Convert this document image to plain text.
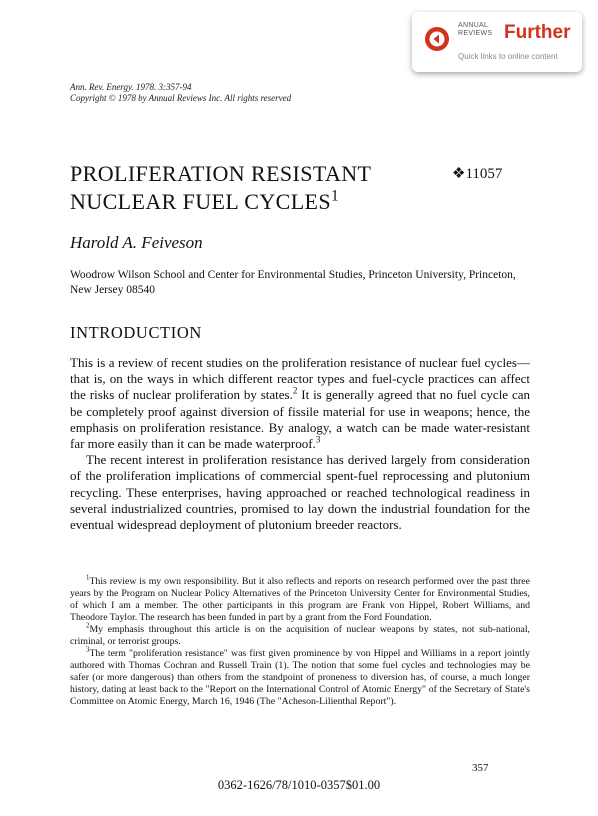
ANNUAL
REVIEWS Further
Quick links to online content
Ann. Rev. Energy. 1978. 3:357-94
Copyright © 1978 by Annual Reviews Inc. All rights reserved
PROLIFERATION RESISTANT
NUCLEAR FUEL CYCLES$^1$
❖11057
Harold A. Feiveson
Woodrow Wilson School and Center for Environmental Studies, Princeton University, Princeton, New Jersey 08540
INTRODUCTION

This is a review of recent studies on the proliferation resistance of nuclear fuel cycles—that is, on the ways in which different reactor types and fuel-cycle practices can affect the risks of nuclear proliferation by states.$^2$ It is generally agreed that no fuel cycle can be completely proof against diversion of fissile material for use in weapons; hence, the emphasis on proliferation resistance. By analogy, a watch can be made water-resistant far more easily than it can be made waterproof.$^3$

The recent interest in proliferation resistance has derived largely from consideration of the proliferation implications of commercial spent-fuel reprocessing and plutonium recycling. These enterprises, having approached or reached technological readiness in several industrialized countries, promised to lay down the industrial foundation for the eventual widespread deployment of plutonium breeder reactors.

$^1$This review is my own responsibility. But it also reflects and reports on research performed over the past three years by the Program on Nuclear Policy Alternatives of the Princeton University Center for Environmental Studies, of which I am a member. The other participants in this program are Frank von Hippel, Robert Williams, and Theodore Taylor. The research has been funded in part by a grant from the Ford Foundation.

$^2$My emphasis throughout this article is on the acquisition of nuclear weapons by states, not sub-national, criminal, or terrorist groups.

$^3$The term "proliferation resistance" was first given prominence by von Hippel and Williams in a report jointly authored with Thomas Cochran and Russell Train (1). The notion that some fuel cycles and technologies may be safer (or more dangerous) than others from the standpoint of proneness to diversion has, of course, a much longer history, dating at least back to the "Report on the International Control of Atomic Energy" of the Secretary of State's Committee on Atomic Energy, March 16, 1946 (The "Acheson-Lilienthal Report").

357
0362-1626/78/1010-0357$01.00
